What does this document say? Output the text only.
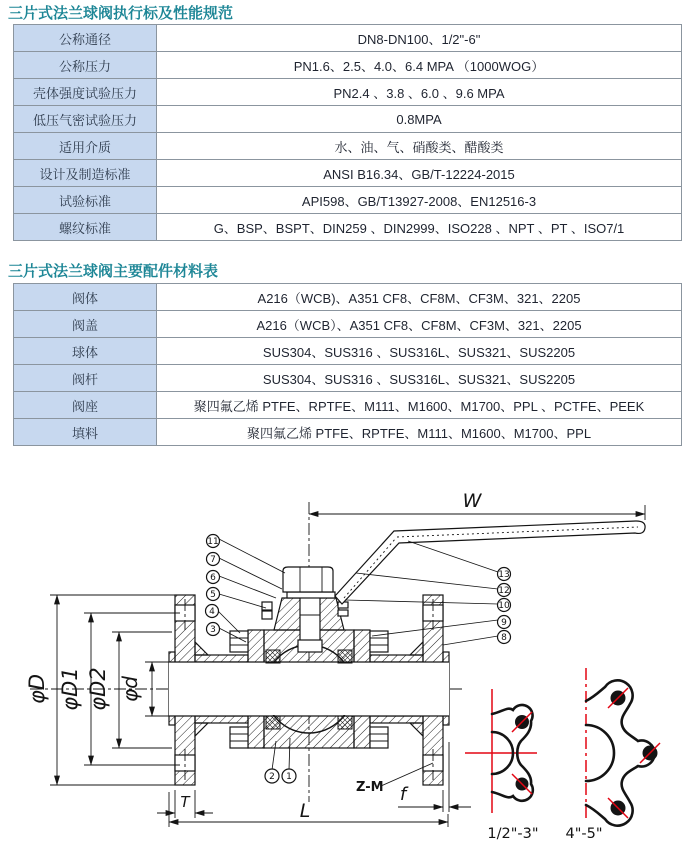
三片式法兰球阀执行标及性能规范
公称通径	DN8-DN100、1/2"-6"
公称压力	PN1.6、2.5、4.0、6.4 MPA （1000WOG）
壳体强度试验压力	PN2.4 、3.8 、6.0 、9.6 MPA
低压气密试验压力	0.8MPA
适用介质	水、油、气、硝酸类、醋酸类
设计及制造标准	ANSI B16.34、GB/T-12224-2015
试验标准	API598、GB/T13927-2008、EN12516-3
螺纹标准	G、BSP、BSPT、DIN259 、DIN2999、ISO228 、NPT 、PT 、ISO7/1
三片式法兰球阀主要配件材料表
阀体	A216（WCB)、A351 CF8、CF8M、CF3M、321、2205
阀盖	A216（WCB）、A351 CF8、CF8M、CF3M、321、2205
球体	SUS304、SUS316 、SUS316L、SUS321、SUS2205
阀杆	SUS304、SUS316 、SUS316L、SUS321、SUS2205
阀座	聚四氟乙烯 PTFE、RPTFE、M111、M1600、M1700、PPL 、PCTFE、PEEK
填料	聚四氟乙烯 PTFE、RPTFE、M111、M1600、M1700、PPL
W
φD φD1 φD2 φd
T	L
f
Z-M
11
7
6
5
4
3
13
12
10
9
8
2 1
1/2"-3" 4"-5"
